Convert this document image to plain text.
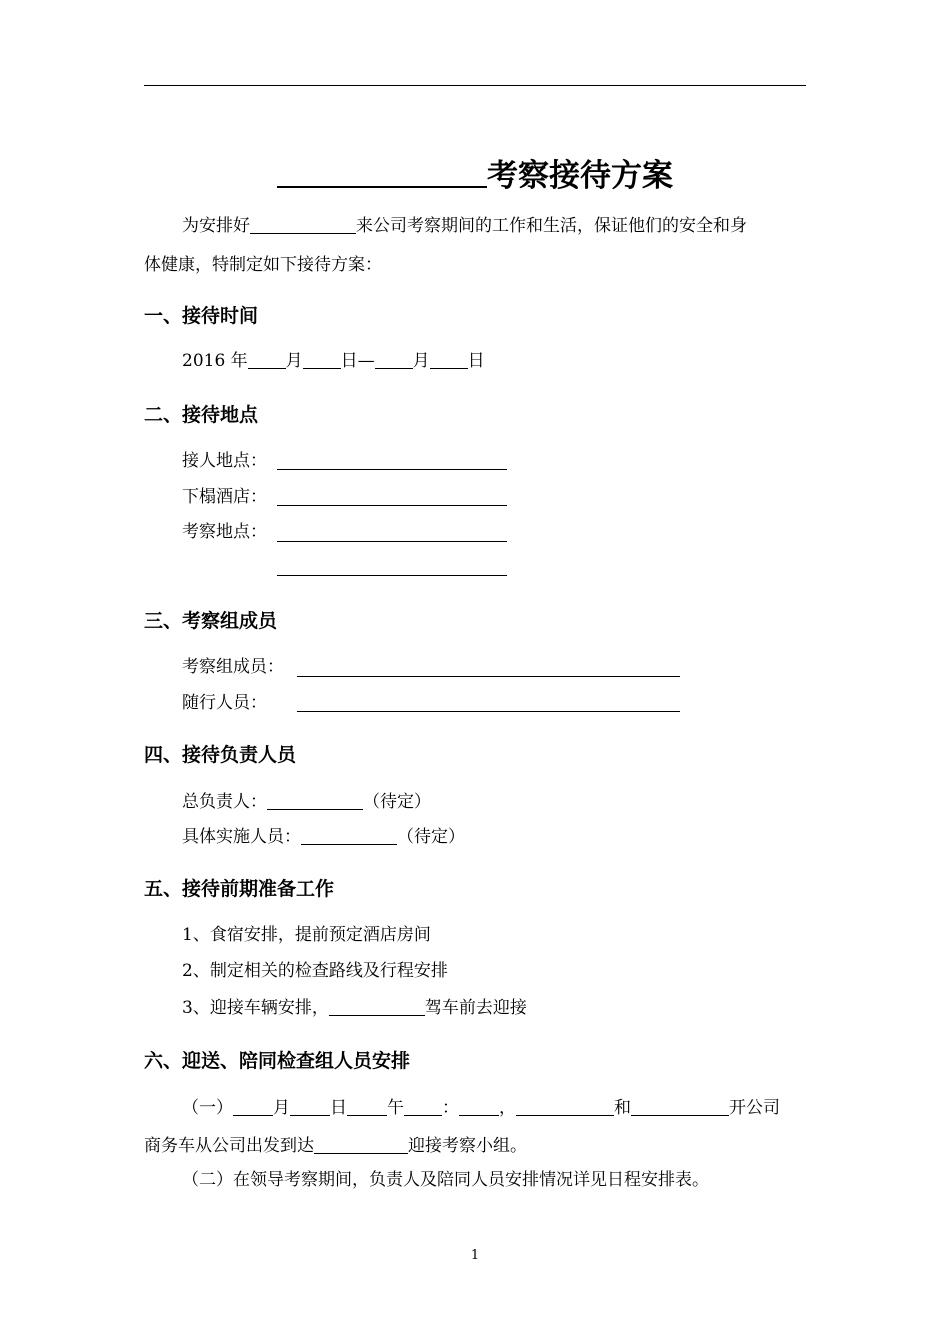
考察接待方案
为安排好	来公司考察期间的工作和生活，保证他们的安全和身
体健康，特制定如下接待方案：
一、接待时间
2016 年 月 日— 月 日
二、接待地点
接人地点：
下榻酒店：
考察地点：
三、考察组成员
考察组成员：
随行人员：
四、接待负责人员
总负责人：	（待定）
具体实施人员：	（待定）
五、接待前期准备工作
1、食宿安排，提前预定酒店房间
2、制定相关的检查路线及行程安排
3、迎接车辆安排，	驾车前去迎接
六、迎送、陪同检查组人员安排
（一） 月 日 午 ： ，	和	开公司
商务车从公司出发到达	迎接考察小组。
（二）在领导考察期间，负责人及陪同人员安排情况详见日程安排表。
1
